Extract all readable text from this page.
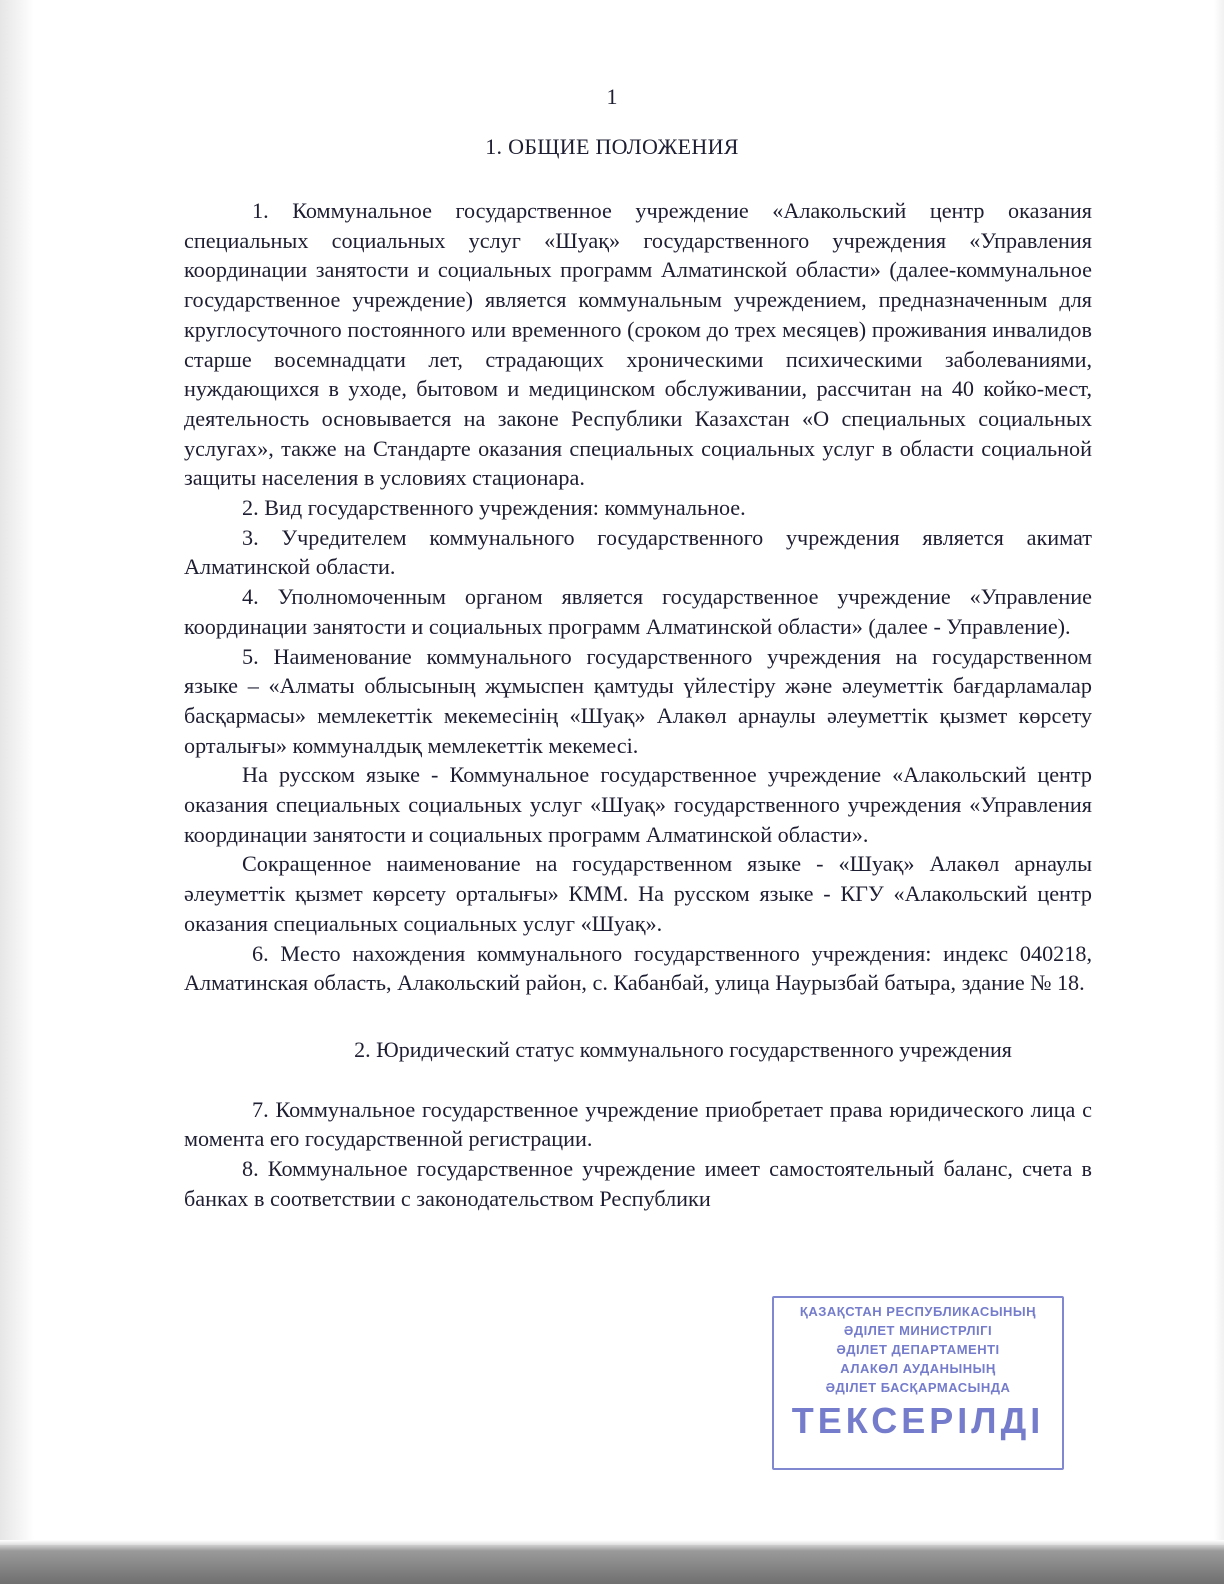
1
1. ОБЩИЕ ПОЛОЖЕНИЯ

1. Коммунальное государственное учреждение «Алакольский центр оказания специальных социальных услуг «Шуақ» государственного учреждения «Управления координации занятости и социальных программ Алматинской области» (далее-коммунальное государственное учреждение) является коммунальным учреждением, предназначенным для круглосуточного постоянного или временного (сроком до трех месяцев) проживания инвалидов старше восемнадцати лет, страдающих хроническими психическими заболеваниями, нуждающихся в уходе, бытовом и медицинском обслуживании, рассчитан на 40 койко-мест, деятельность основывается на законе Республики Казахстан «О специальных социальных услугах», также на Стандарте оказания специальных социальных услуг в области социальной защиты населения в условиях стационара.

2. Вид государственного учреждения: коммунальное.

3. Учредителем коммунального государственного учреждения является акимат Алматинской области.

4. Уполномоченным органом является государственное учреждение «Управление координации занятости и социальных программ Алматинской области» (далее - Управление).

5. Наименование коммунального государственного учреждения на государственном языке – «Алматы облысының жұмыспен қамтуды үйлестіру және әлеуметтік бағдарламалар басқармасы» мемлекеттік мекемесінің «Шуақ» Алакөл арнаулы әлеуметтік қызмет көрсету орталығы» коммуналдық мемлекеттік мекемесі.

На русском языке - Коммунальное государственное учреждение «Алакольский центр оказания специальных социальных услуг «Шуақ» государственного учреждения «Управления координации занятости и социальных программ Алматинской области».

Сокращенное наименование на государственном языке - «Шуақ» Алакөл арнаулы әлеуметтік қызмет көрсету орталығы» КММ. На русском языке - КГУ «Алакольский центр оказания специальных социальных услуг «Шуақ».

6. Место нахождения коммунального государственного учреждения: индекс 040218, Алматинская область, Алакольский район, с. Кабанбай, улица Наурызбай батыра, здание № 18.

2. Юридический статус коммунального государственного учреждения

7. Коммунальное государственное учреждение приобретает права юридического лица с момента его государственной регистрации.

8. Коммунальное государственное учреждение имеет самостоятельный баланс, счета в банках в соответствии с законодательством Республики

ҚАЗАҚСТАН РЕСПУБЛИКАСЫНЫҢ
ӘДІЛЕТ МИНИСТРЛІГІ
ӘДІЛЕТ ДЕПАРТАМЕНТІ
АЛАКӨЛ АУДАНЫНЫҢ
ӘДІЛЕТ БАСҚАРМАСЫНДА
ТЕКСЕРІЛДІ
